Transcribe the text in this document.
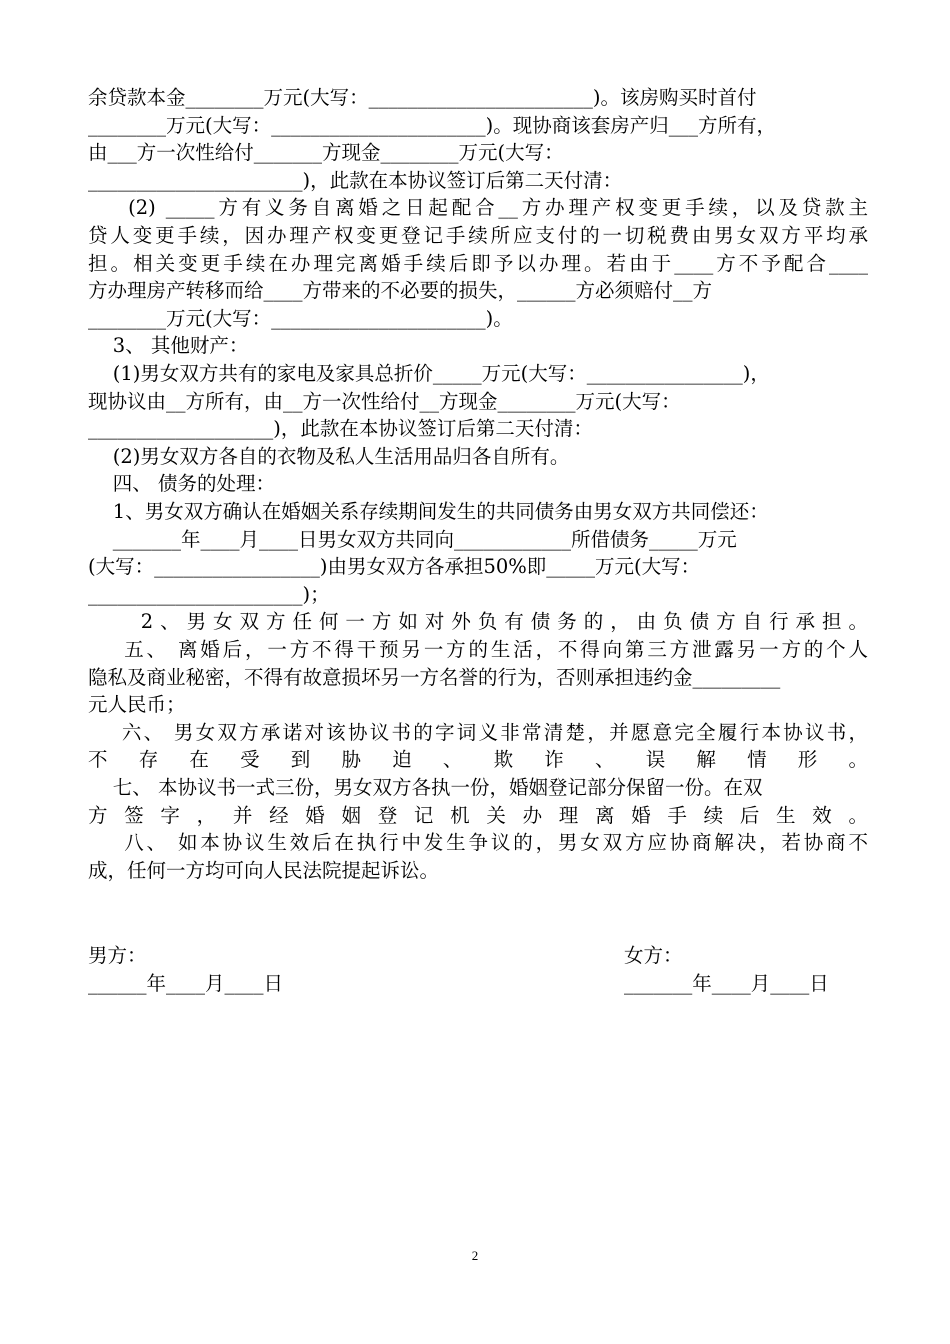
余贷款本金________万元(大写：_______________________)。该房购买时首付
________万元(大写：______________________)。现协商该套房产归___方所有，
由___方一次性给付_______方现金________万元(大写：
______________________)，此款在本协议签订后第二天付清：
(2) _____方有义务自离婚之日起配合__方办理产权变更手续，以及贷款主
贷人变更手续，因办理产权变更登记手续所应支付的一切税费由男女双方平均承
担。相关变更手续在办理完离婚手续后即予以办理。若由于____方不予配合____
方办理房产转移而给____方带来的不必要的损失，______方必须赔付__方
________万元(大写：______________________)。
3、 其他财产：
(1)男女双方共有的家电及家具总折价_____万元(大写：________________)，
现协议由__方所有，由__方一次性给付__方现金________万元(大写：
___________________)，此款在本协议签订后第二天付清：
(2)男女双方各自的衣物及私人生活用品归各自所有。
四、 债务的处理：
1、男女双方确认在婚姻关系存续期间发生的共同债务由男女双方共同偿还：
_______年____月____日男女双方共同向____________所借债务_____万元
(大写：_________________)由男女双方各承担50%即_____万元(大写：
______________________)；
2、男女双方任何一方如对外负有债务的，由负债方自行承担。
五、 离婚后，一方不得干预另一方的生活，不得向第三方泄露另一方的个人
隐私及商业秘密，不得有故意损坏另一方名誉的行为，否则承担违约金_________
元人民币；
六、 男女双方承诺对该协议书的字词义非常清楚，并愿意完全履行本协议书，
不存在受到胁迫、欺诈、误解情形。
七、 本协议书一式三份，男女双方各执一份，婚姻登记部分保留一份。在双
方签字，并经婚姻登记机关办理离婚手续后生效。
八、 如本协议生效后在执行中发生争议的，男女双方应协商解决，若协商不
成，任何一方均可向人民法院提起诉讼。
男方：
______年____月____日
女方：
_______年____月____日
2
